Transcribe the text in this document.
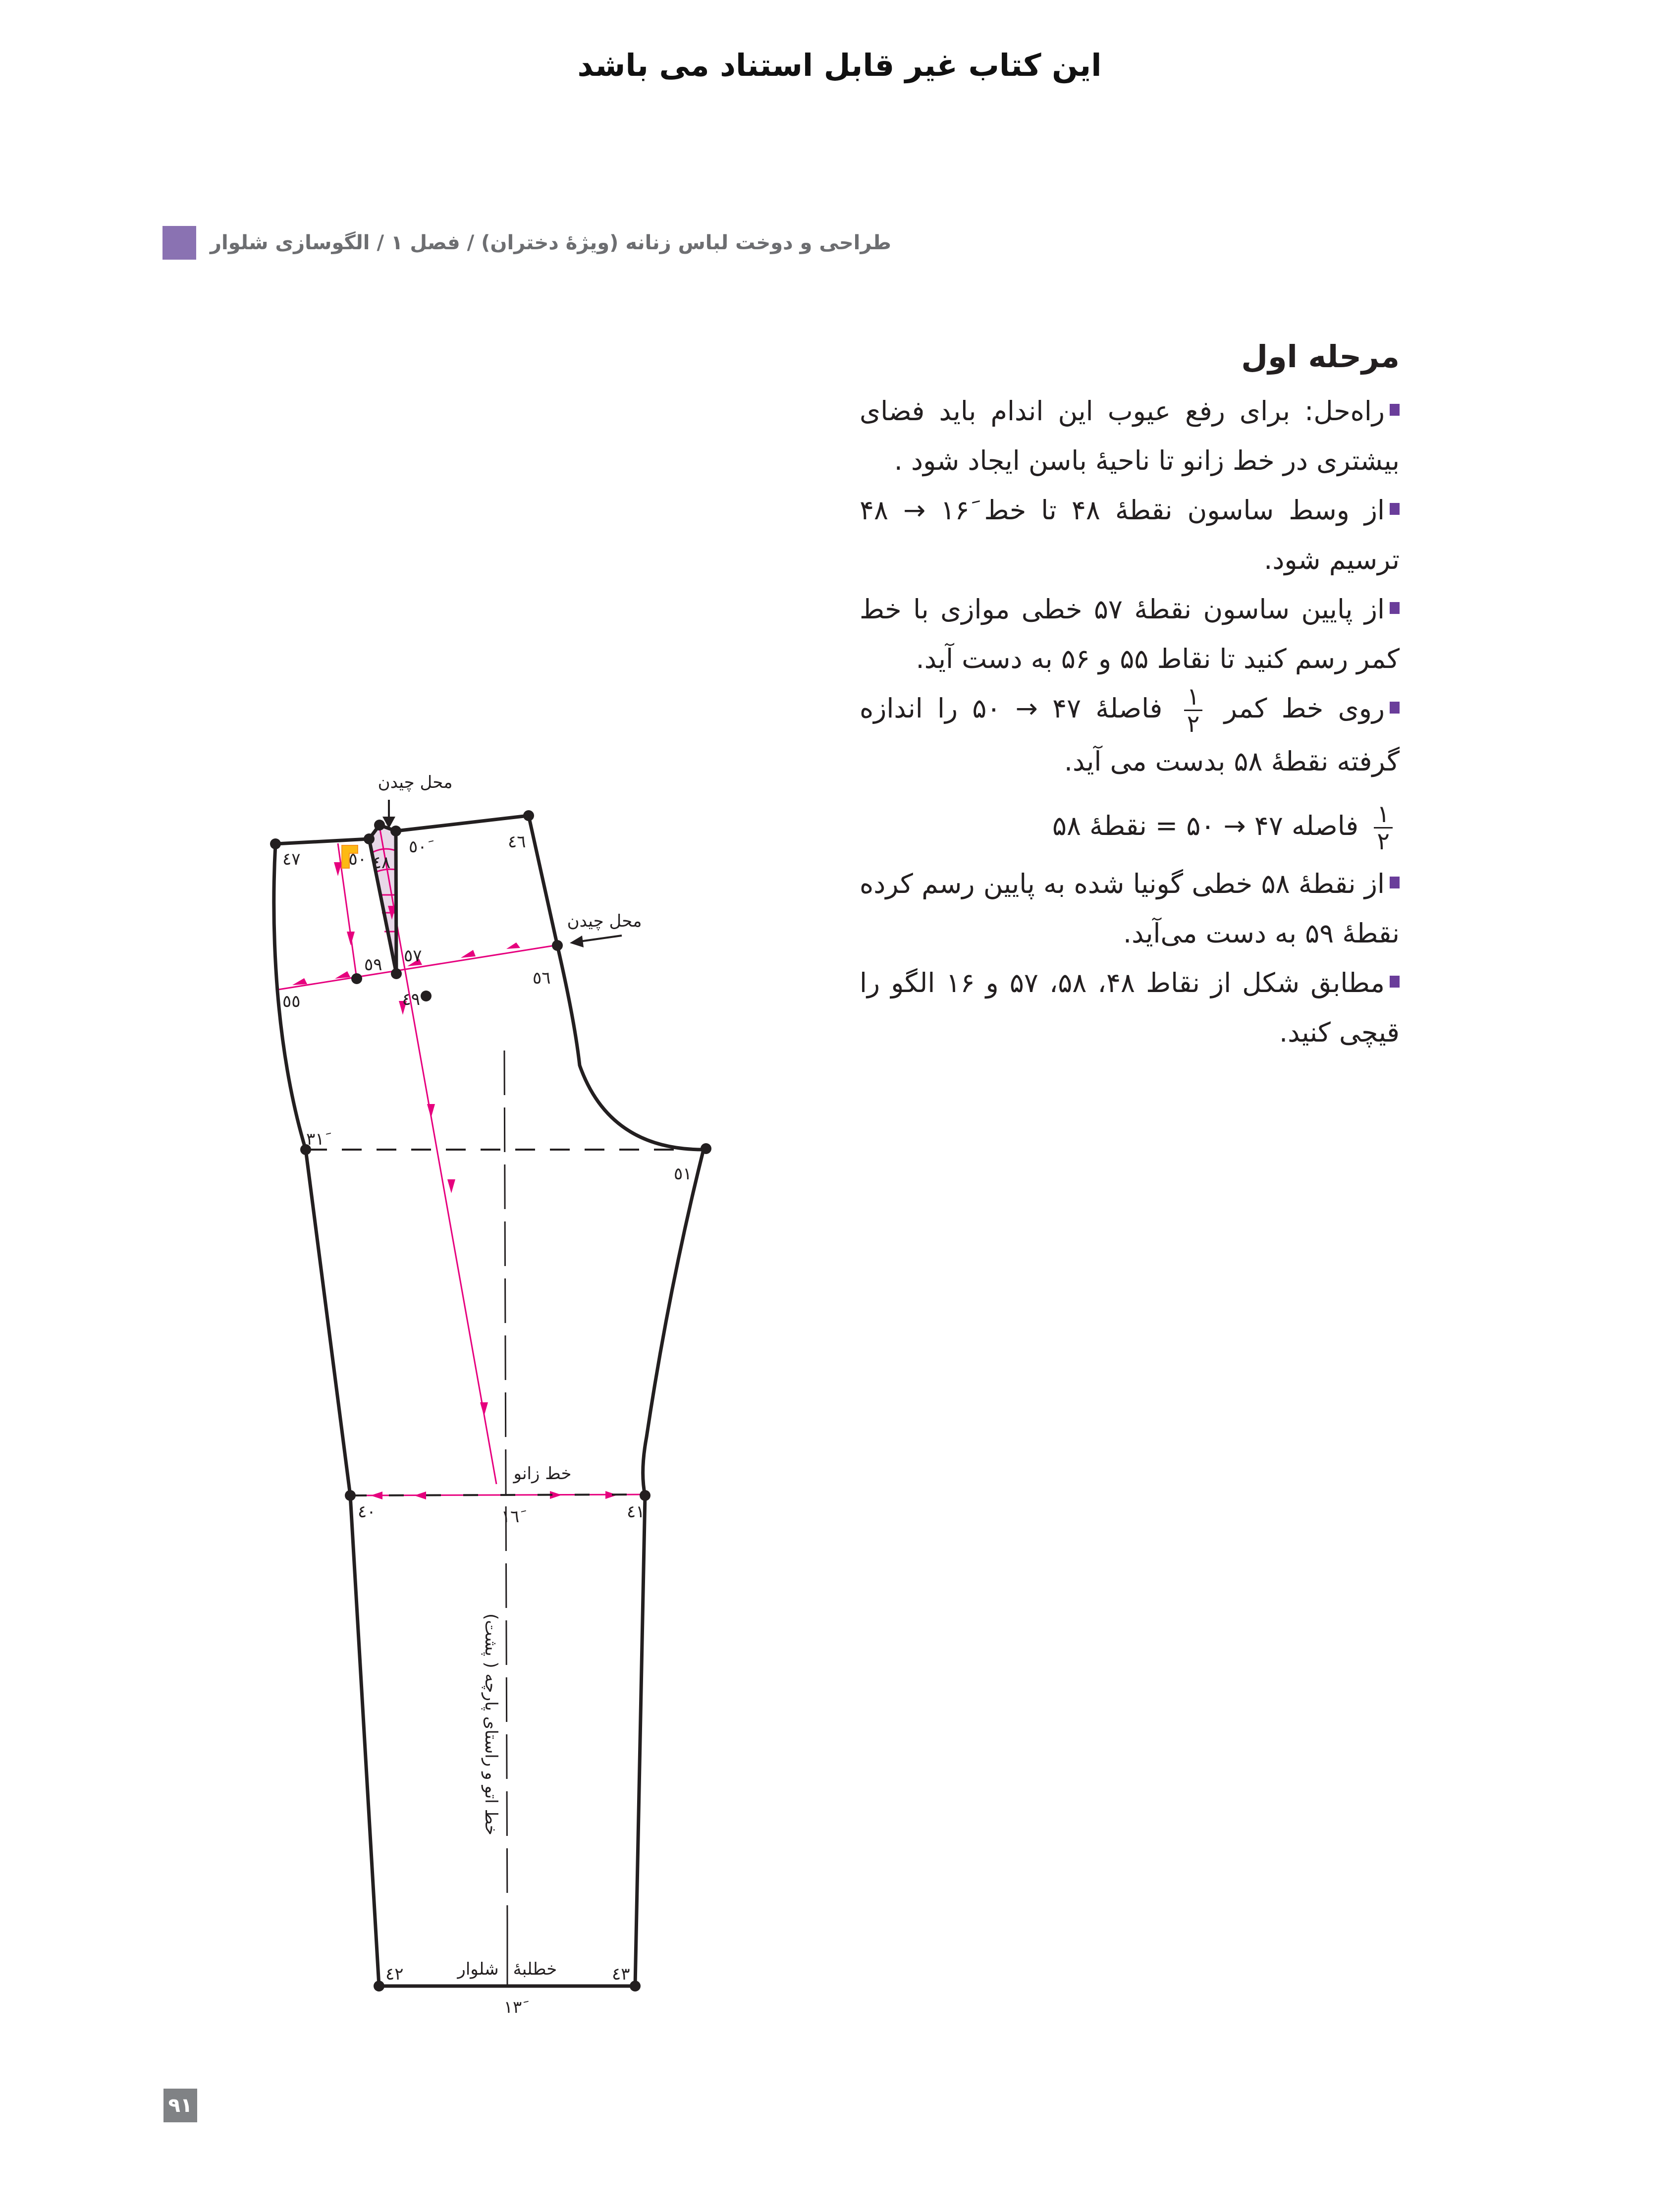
این کتاب غیر قابل استناد می باشد
طراحی و دوخت لباس زنانه (ویژهٔ دختران) / فصل ۱ / الگوسازی شلوار
مرحله اول

راه‌حل: برای رفع عیوب این اندام باید فضای بیشتری در خط زانو تا ناحیهٔ باسن ایجاد شود .

از وسط ساسون نقطهٔ ۴۸ تا خط ۱۶َ → ۴۸ ترسیم شود.

از پایین ساسون نقطهٔ ۵۷ خطی موازی با خط کمر رسم کنید تا نقاط ۵۵ و ۵۶ به دست آید.

روی خط کمر
$\frac{۱}{۲}$
فاصلهٔ ۴۷ → ۵۰ را اندازه گرفته نقطهٔ ۵۸ بدست می آید.

$\frac{۱}{۲}$
فاصله ۴۷ → ۵۰ = نقطهٔ ۵۸

از نقطهٔ ۵۸ خطی گونیا شده به پایین رسم کرده نقطهٔ ۵۹ به دست می‌آید.

مطابق شکل از نقاط ۴۸، ۵۸، ۵۷ و ۱۶ الگو را قیچی کنید.

محل چیدن
محل چیدن
خط زانو
خطلبهٔ
شلوار
خط اتو و راستای پارچه ( پشت)
٤٧	٥٠ ٤٨
٥٠َ	٤٦
٥٩ ٥٧
٥٦
٥٥	٤٩
٣١َ
٥١
٤٠	١٦َ	٤١
٤٢	٤٣
١٣َ
۹۱
